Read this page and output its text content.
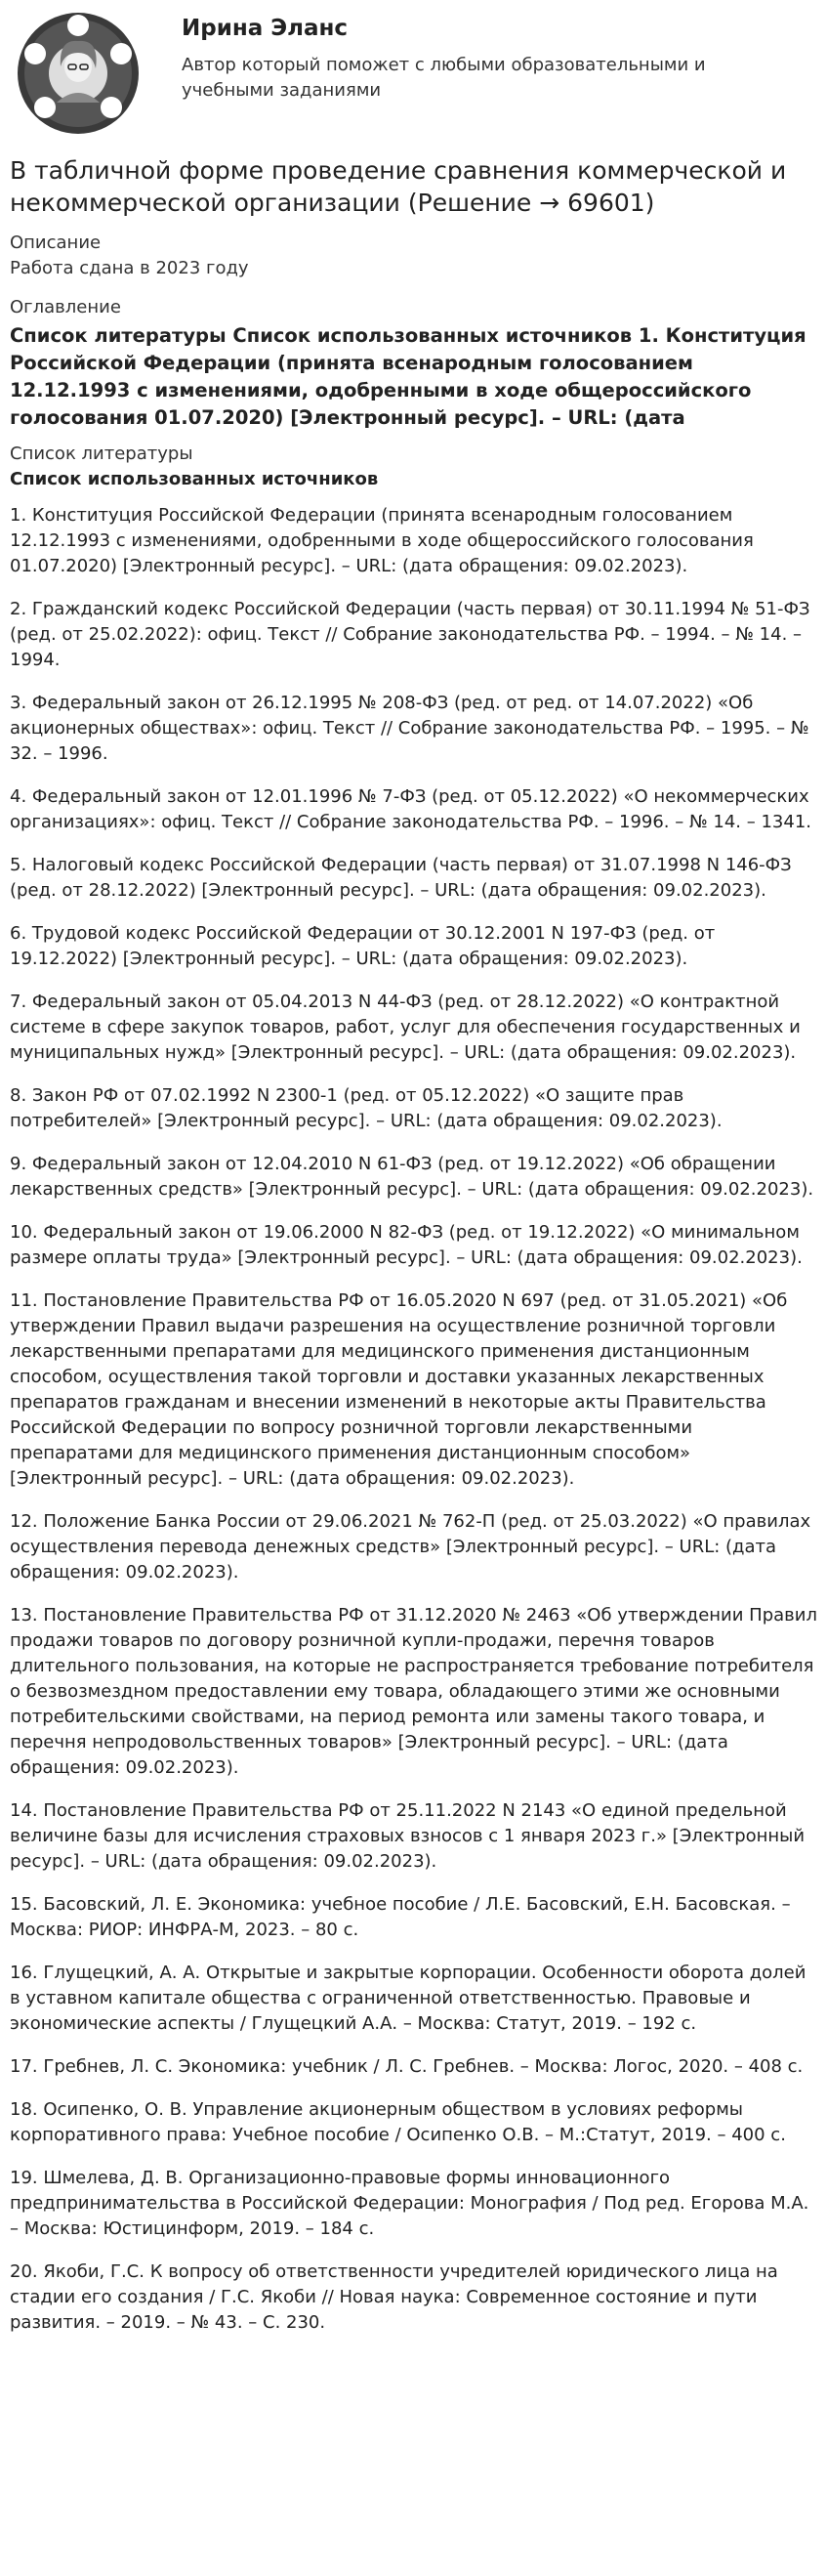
Ирина Эланс
Автор который поможет с любыми образовательными и учебными заданиями
В табличной форме проведение сравнения коммерческой и некоммерческой организации (Решение → 69601)
Описание
Работа сдана в 2023 году
Оглавление
Список литературы Список использованных источников 1. Конституция Российской Федерации (принята всенародным голосованием 12.12.1993 с изменениями, одобренными в ходе общероссийского голосования 01.07.2020) [Электронный ресурс]. – URL: (дата
Список литературы
Список использованных источников

1. Конституция Российской Федерации (принята всенародным голосованием 12.12.1993 с изменениями, одобренными в ходе общероссийского голосования 01.07.2020) [Электронный ресурс]. – URL: (дата обращения: 09.02.2023).

2. Гражданский кодекс Российской Федерации (часть первая) от 30.11.1994 № 51-ФЗ (ред. от 25.02.2022): офиц. Текст // Собрание законодательства РФ. – 1994. – № 14. – 1994.

3. Федеральный закон от 26.12.1995 № 208-ФЗ (ред. от ред. от 14.07.2022) «Об акционерных обществах»: офиц. Текст // Собрание законодательства РФ. – 1995. – № 32. – 1996.

4. Федеральный закон от 12.01.1996 № 7-ФЗ (ред. от 05.12.2022) «О некоммерческих организациях»: офиц. Текст // Собрание законодательства РФ. – 1996. – № 14. – 1341.

5. Налоговый кодекс Российской Федерации (часть первая) от 31.07.1998 N 146-ФЗ (ред. от 28.12.2022) [Электронный ресурс]. – URL: (дата обращения: 09.02.2023).

6. Трудовой кодекс Российской Федерации от 30.12.2001 N 197-ФЗ (ред. от 19.12.2022) [Электронный ресурс]. – URL: (дата обращения: 09.02.2023).

7. Федеральный закон от 05.04.2013 N 44-ФЗ (ред. от 28.12.2022) «О контрактной системе в сфере закупок товаров, работ, услуг для обеспечения государственных и муниципальных нужд» [Электронный ресурс]. – URL: (дата обращения: 09.02.2023).

8. Закон РФ от 07.02.1992 N 2300-1 (ред. от 05.12.2022) «О защите прав потребителей» [Электронный ресурс]. – URL: (дата обращения: 09.02.2023).

9. Федеральный закон от 12.04.2010 N 61-ФЗ (ред. от 19.12.2022) «Об обращении лекарственных средств» [Электронный ресурс]. – URL: (дата обращения: 09.02.2023).

10. Федеральный закон от 19.06.2000 N 82-ФЗ (ред. от 19.12.2022) «О минимальном размере оплаты труда» [Электронный ресурс]. – URL: (дата обращения: 09.02.2023).

11. Постановление Правительства РФ от 16.05.2020 N 697 (ред. от 31.05.2021) «Об утверждении Правил выдачи разрешения на осуществление розничной торговли лекарственными препаратами для медицинского применения дистанционным способом, осуществления такой торговли и доставки указанных лекарственных препаратов гражданам и внесении изменений в некоторые акты Правительства Российской Федерации по вопросу розничной торговли лекарственными препаратами для медицинского применения дистанционным способом» [Электронный ресурс]. – URL: (дата обращения: 09.02.2023).

12. Положение Банка России от 29.06.2021 № 762-П (ред. от 25.03.2022) «О правилах осуществления перевода денежных средств» [Электронный ресурс]. – URL: (дата обращения: 09.02.2023).

13. Постановление Правительства РФ от 31.12.2020 № 2463 «Об утверждении Правил продажи товаров по договору розничной купли-продажи, перечня товаров длительного пользования, на которые не распространяется требование потребителя о безвозмездном предоставлении ему товара, обладающего этими же основными потребительскими свойствами, на период ремонта или замены такого товара, и перечня непродовольственных товаров» [Электронный ресурс]. – URL: (дата обращения: 09.02.2023).

14. Постановление Правительства РФ от 25.11.2022 N 2143 «О единой предельной величине базы для исчисления страховых взносов с 1 января 2023 г.» [Электронный ресурс]. – URL: (дата обращения: 09.02.2023).

15. Басовский, Л. Е. Экономика: учебное пособие / Л.Е. Басовский, Е.Н. Басовская. – Москва: РИОР: ИНФРА-М, 2023. – 80 с.

16. Глущецкий, А. А. Открытые и закрытые корпорации. Особенности оборота долей в уставном капитале общества с ограниченной ответственностью. Правовые и экономические аспекты / Глущецкий А.А. – Москва: Статут, 2019. – 192 с.

17. Гребнев, Л. С. Экономика: учебник / Л. С. Гребнев. – Москва: Логос, 2020. – 408 с.

18. Осипенко, О. В. Управление акционерным обществом в условиях реформы корпоративного права: Учебное пособие / Осипенко О.В. – М.:Статут, 2019. – 400 с.

19. Шмелева, Д. В. Организационно-правовые формы инновационного предпринимательства в Российской Федерации: Монография / Под ред. Егорова М.А. – Москва: Юстицинформ, 2019. – 184 с.

20. Якоби, Г.С. К вопросу об ответственности учредителей юридического лица на стадии его создания / Г.С. Якоби // Новая наука: Современное состояние и пути развития. – 2019. – № 43. – С. 230.
